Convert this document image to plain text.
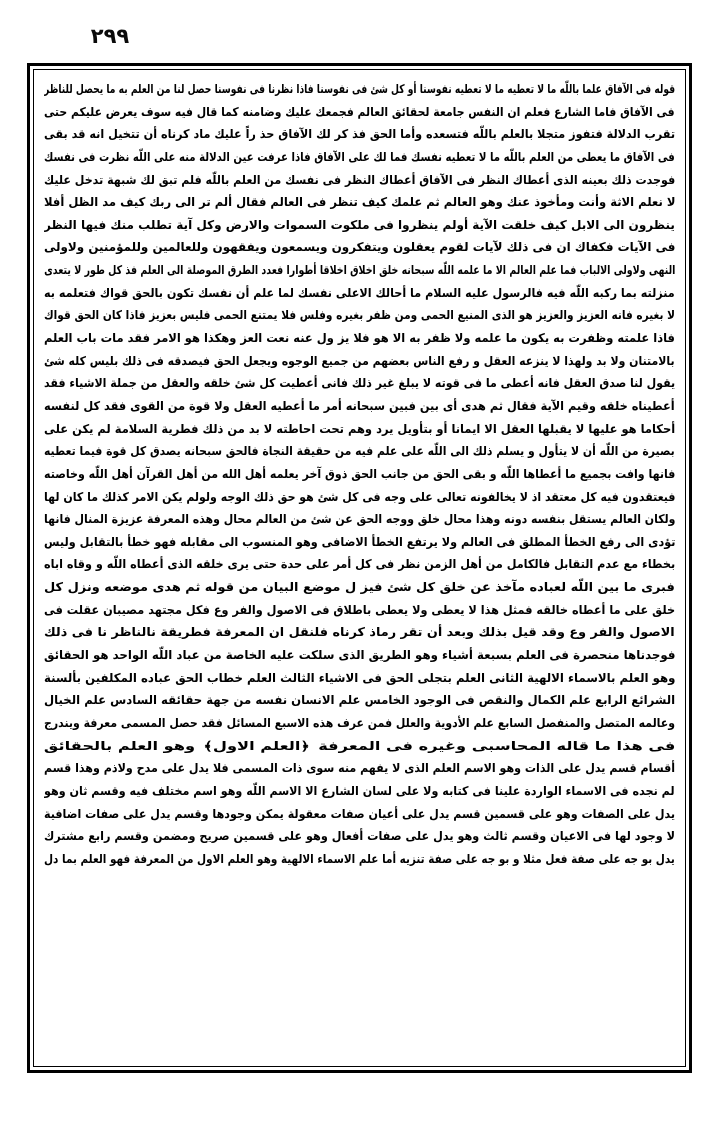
٢٩٩
قوله فى الآفاق علما باللّه ما لا تعطيه ما لا تعطيه نفوسنا أو كل شئ فى نفوسنا فاذا نظرنا فى نفوسنا حصل لنا من العلم به ما يحصل للناظر
فى الآفاق فاما الشارع فعلم ان النفس جامعة لحقائق العالم فجمعك عليك وضامنه كما قال فيه سوف يعرض عليكم حتى
تقرب الدلالة فتفوز متجلا بالعلم باللّه فتسعده وأما الحق فذ كر لك الآفاق حذ راً عليك ماد كرناه أن تتخيل انه قد بقى
فى الآفاق ما يعطى من العلم باللّه ما لا تعطيه نفسك فما لك على الآفاق فاذا عرفت عين الدلالة منه على اللّه نظرت فى نفسك
فوجدت ذلك بعينه الذى أعطاك النظر فى الآفاق أعطاك النظر فى نفسك من العلم باللّه فلم تبق لك شبهة تدخل عليك
لا نعلم الاثة وأنت ومأخوذ عنك وهو العالم ثم علمك كيف تنظر فى العالم فقال ألم تر الى ربك كيف مد الظل أفلا
ينظرون الى الابل كيف خلقت الآية أولم ينظروا فى ملكوت السموات والارض وكل آية تطلب منك فيها النظر
فى الآيات فكفاك ان فى ذلك لآيات لقوم يعقلون ويتفكرون ويسمعون ويفقهون وللعالمين وللمؤمنين ولاولى
النهى ولاولى الالباب فما علم العالم الا ما علمه اللّه سبحانه خلق اخلاق اخلاقا أطوارا فعدد الطرق الموصلة الى العلم فذ كل طور لا يتعدى
منزلته بما ركبه اللّه فيه فالرسول عليه السلام ما أحالك الاعلى نفسك لما علم أن نفسك تكون بالحق قواك فتعلمه به
لا بغيره فانه العزيز والعزيز هو الذى المنيع الحمى ومن ظفر بغيره وفلس فلا يمتنع الحمى فليس بعزيز فاذا كان الحق قواك
فاذا علمته وظفرت به يكون ما علمه ولا ظفر به الا هو فلا يز ول عنه نعت العز وهكذا هو الامر فقد مات باب العلم
بالامتنان ولا بد ولهذا لا ينزعه العقل و رفع الناس بعضهم من جميع الوجوه ويجعل الحق فيصدقه فى ذلك بليس كله شئ
يقول لنا صدق العقل فانه أعطى ما فى قوته لا يبلغ غير ذلك فانى أعطيت كل شئ خلقه والعقل من جملة الاشياء فقد
أعطيناه خلقه وقيم الآية فقال ثم هدى أى بين فبين سبحانه أمر ما أعطيه العقل ولا قوة من القوى فقد كل لنفسه
أحكاما هو عليها لا يقبلها العقل الا ايمانا أو بتأويل يرد وهم تحت احاطته لا بد من ذلك فطرية السلامة لم يكن على
بصيرة من اللّه أن لا يتأول و يسلم ذلك الى اللّه على علم فيه من حقيقة النجاة فالحق سبحانه يصدق كل قوة فيما تعطيه
فانها وافت بجميع ما أعطاها اللّه و بقى الحق من جانب الحق ذوق آخر يعلمه أهل الله من أهل القرآن أهل اللّه وخاصته
فيعتقدون فيه كل معتقد اذ لا يخالفونه تعالى على وجه فى كل شئ هو حق ذلك الوجه ولولم يكن الامر كذلك ما كان لها
ولكان العالم يستقل بنفسه دونه وهذا محال خلق ووجه الحق عن شئ من العالم محال وهذه المعرفة عزيزة المنال فانها
تؤدى الى رفع الخطأ المطلق فى العالم ولا يرتفع الخطأ الاضافى وهو المنسوب الى مقابله فهو خطأ بالتقابل وليس
بخطاء مع عدم التقابل فالكامل من أهل الزمن نظر فى كل أمر على حدة حتى يرى خلقه الذى أعطاه اللّه و وقاه اباه
فبرى ما بين اللّه لعباده مآخذ عن خلق كل شئ فيز ل موضع البيان من قوله ثم هدى موضعه ونزل كل
خلق على ما أعطاه خالقه فمثل هذا لا يعطى ولا يعطى باطلاق فى الاصول والفر وع فكل مجتهد مصيبان عقلت فى
الاصول والفر وع وقد قيل بذلك وبعد أن تقر رماذ كرناه فلنقل ان المعرفة فطريقة نالناظر نا فى ذلك
فوجدناها منحصرة فى العلم بسبعة أشياء وهو الطريق الذى سلكت عليه الخاصة من عباد اللّه الواحد هو الحقائق
وهو العلم بالاسماء الالهية الثانى العلم بتجلى الحق فى الاشياء الثالث العلم خطاب الحق عباده المكلفين بألسنة
الشرائع الرابع علم الكمال والنقص فى الوجود الخامس علم الانسان نفسه من جهة حقائقه السادس علم الخيال
وعالمه المتصل والمنفصل السابع علم الأدوية والعلل فمن عرف هذه الاسبع المسائل فقد حصل المسمى معرفة ويندرج
فى هذا ما قاله المحاسبى وغيره فى المعرفة ﴿العلم الاول﴾ وهو العلم بالحقائق
أقسام قسم يدل على الذات وهو الاسم العلم الذى لا يفهم منه سوى ذات المسمى فلا يدل على مدح ولاذم وهذا قسم
لم نجده فى الاسماء الواردة علينا فى كتابه ولا على لسان الشارع الا الاسم اللّه وهو اسم مختلف فيه وقسم ثان وهو
يدل على الصفات وهو على قسمين قسم يدل على أعيان صفات معقولة يمكن وجودها وقسم يدل على صفات اضافية
لا وجود لها فى الاعيان وقسم ثالث وهو يدل على صفات أفعال وهو على قسمين صريح ومضمن وقسم رابع مشترك
يدل بو جه على صفة فعل مثلا و بو جه على صفة تنزيه أما علم الاسماء الالهية وهو العلم الاول من المعرفة فهو العلم بما دل
